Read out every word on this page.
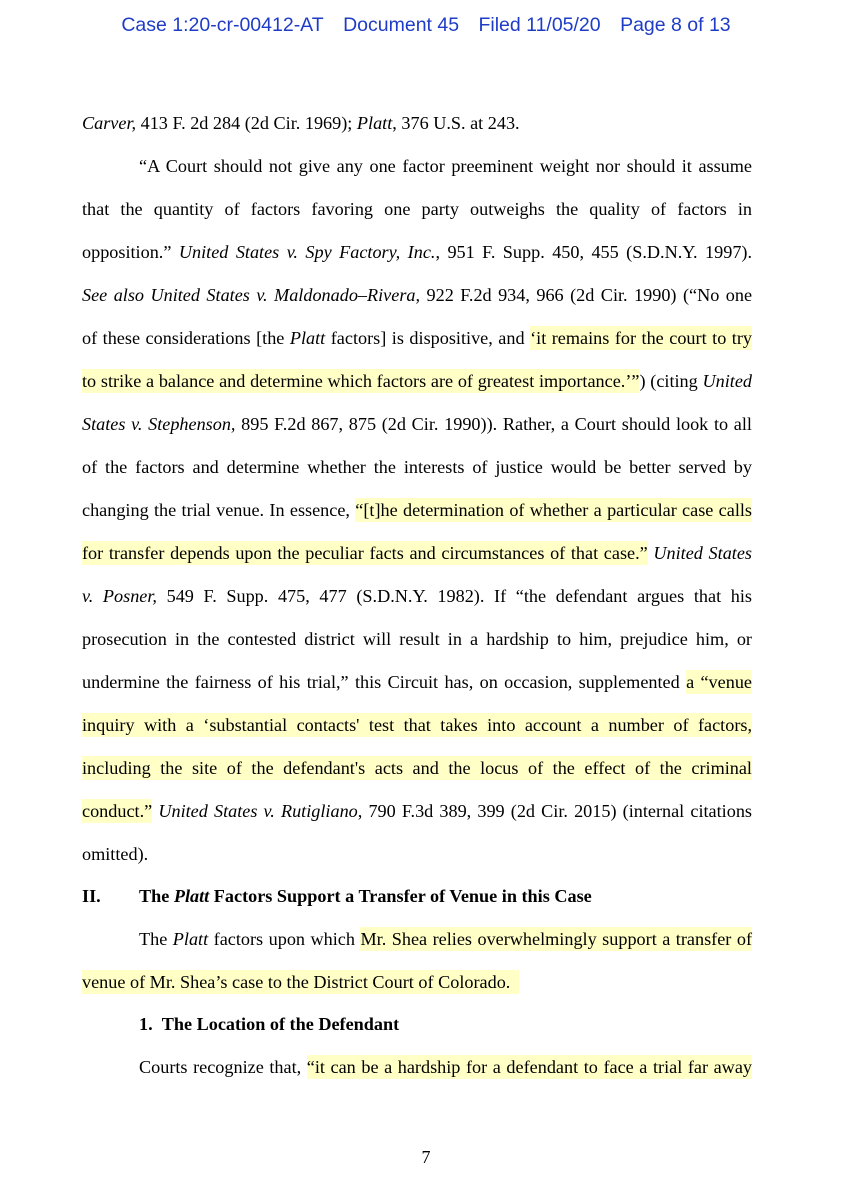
Case 1:20-cr-00412-AT Document 45 Filed 11/05/20 Page 8 of 13
Carver, 413 F. 2d 284 (2d Cir. 1969); Platt, 376 U.S. at 243.
“A Court should not give any one factor preeminent weight nor should it assume
that the quantity of factors favoring one party outweighs the quality of factors in
opposition.” United States v. Spy Factory, Inc., 951 F. Supp. 450, 455 (S.D.N.Y. 1997).
See also United States v. Maldonado–Rivera, 922 F.2d 934, 966 (2d Cir. 1990) (“No one
of these considerations [the Platt factors] is dispositive, and ‘it remains for the court to try
to strike a balance and determine which factors are of greatest importance.’”) (citing United
States v. Stephenson, 895 F.2d 867, 875 (2d Cir. 1990)). Rather, a Court should look to all
of the factors and determine whether the interests of justice would be better served by
changing the trial venue. In essence, “[t]he determination of whether a particular case calls
for transfer depends upon the peculiar facts and circumstances of that case.” United States
v. Posner, 549 F. Supp. 475, 477 (S.D.N.Y. 1982). If “the defendant argues that his
prosecution in the contested district will result in a hardship to him, prejudice him, or
undermine the fairness of his trial,” this Circuit has, on occasion, supplemented a “venue
inquiry with a ‘substantial contacts' test that takes into account a number of factors,
including the site of the defendant's acts and the locus of the effect of the criminal
conduct.” United States v. Rutigliano, 790 F.3d 389, 399 (2d Cir. 2015) (internal citations
omitted).
II. The Platt Factors Support a Transfer of Venue in this Case
The Platt factors upon which Mr. Shea relies overwhelmingly support a transfer of
venue of Mr. Shea’s case to the District Court of Colorado.
1. The Location of the Defendant
Courts recognize that, “it can be a hardship for a defendant to face a trial far away
7
